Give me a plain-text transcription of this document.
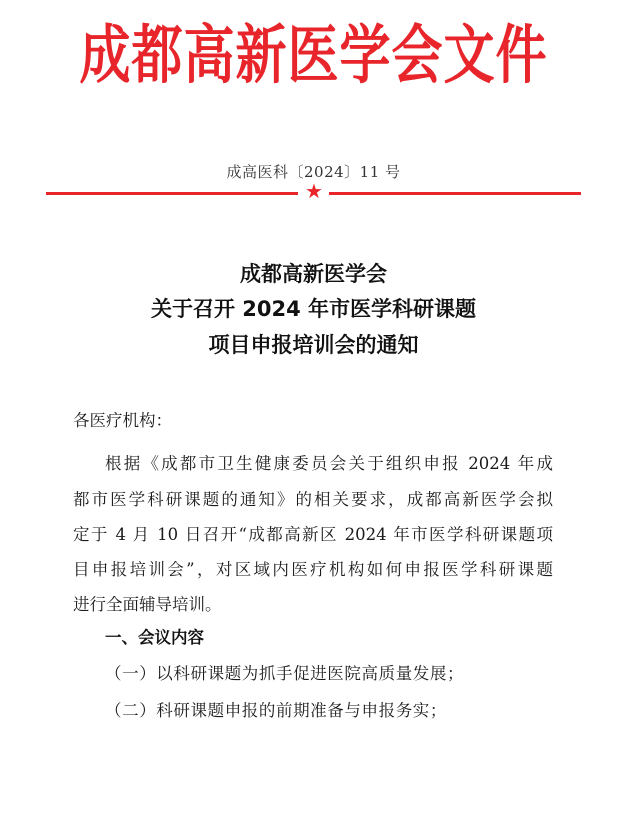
成都高新医学会文件
成高医科〔2024〕11 号
★
成都高新医学会
关于召开 2024 年市医学科研课题
项目申报培训会的通知
各医疗机构：
根据《成都市卫生健康委员会关于组织申报 2024 年成
都市医学科研课题的通知》的相关要求，成都高新医学会拟
定于 4 月 10 日召开“成都高新区 2024 年市医学科研课题项
目申报培训会”，对区域内医疗机构如何申报医学科研课题
进行全面辅导培训。
一、会议内容
（一）以科研课题为抓手促进医院高质量发展；
（二）科研课题申报的前期准备与申报务实；
